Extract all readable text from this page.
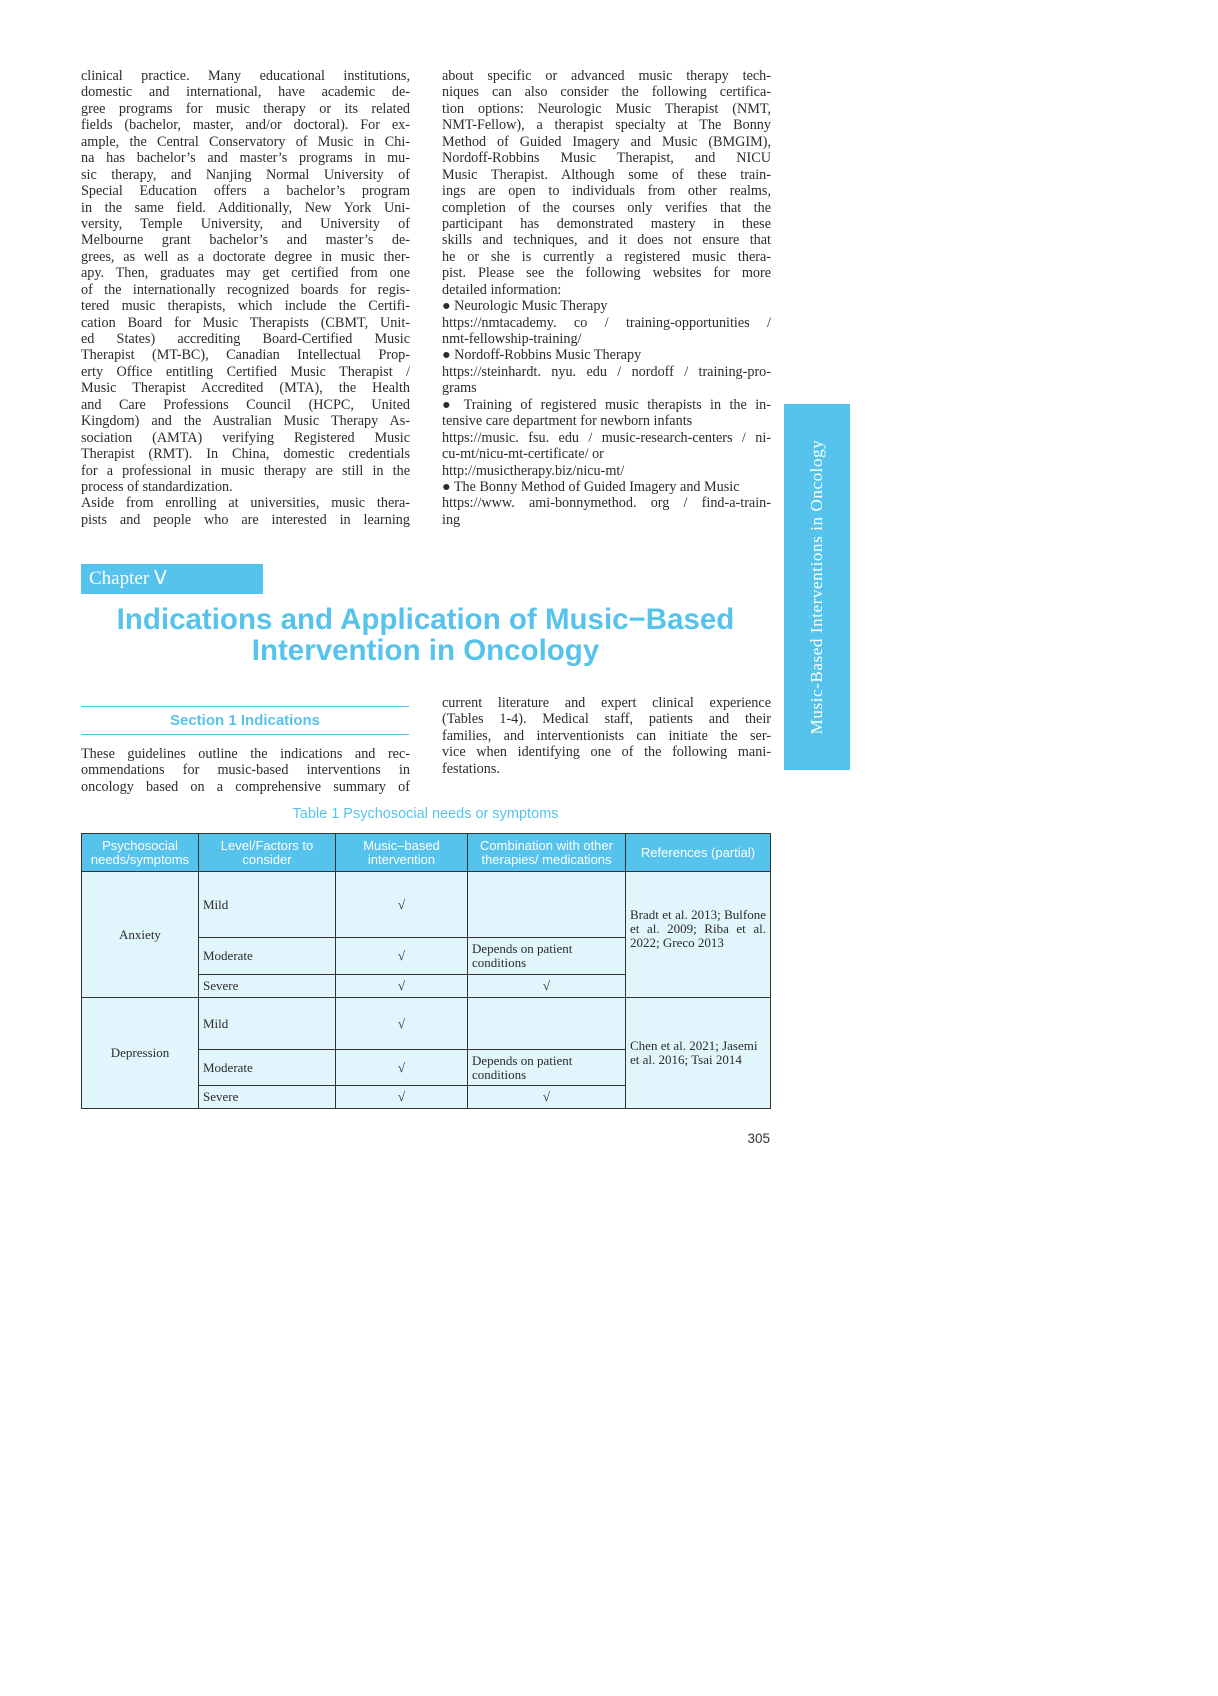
clinical practice. Many educational institutions,
domestic and international, have academic de-
gree programs for music therapy or its related
fields (bachelor, master, and/or doctoral). For ex-
ample, the Central Conservatory of Music in Chi-
na has bachelor’s and master’s programs in mu-
sic therapy, and Nanjing Normal University of
Special Education offers a bachelor’s program
in the same field. Additionally, New York Uni-
versity, Temple University, and University of
Melbourne grant bachelor’s and master’s de-
grees, as well as a doctorate degree in music ther-
apy. Then, graduates may get certified from one
of the internationally recognized boards for regis-
tered music therapists, which include the Certifi-
cation Board for Music Therapists (CBMT, Unit-
ed States) accrediting Board-Certified Music
Therapist (MT-BC), Canadian Intellectual Prop-
erty Office entitling Certified Music Therapist /
Music Therapist Accredited (MTA), the Health
and Care Professions Council (HCPC, United
Kingdom) and the Australian Music Therapy As-
sociation (AMTA) verifying Registered Music
Therapist (RMT). In China, domestic credentials
for a professional in music therapy are still in the
process of standardization.
Aside from enrolling at universities, music thera-
pists and people who are interested in learning
about specific or advanced music therapy tech-
niques can also consider the following certifica-
tion options: Neurologic Music Therapist (NMT,
NMT-Fellow), a therapist specialty at The Bonny
Method of Guided Imagery and Music (BMGIM),
Nordoff-Robbins Music Therapist, and NICU
Music Therapist. Although some of these train-
ings are open to individuals from other realms,
completion of the courses only verifies that the
participant has demonstrated mastery in these
skills and techniques, and it does not ensure that
he or she is currently a registered music thera-
pist. Please see the following websites for more
detailed information:
● Neurologic Music Therapy
https://nmtacademy. co / training-opportunities /
nmt-fellowship-training/
● Nordoff-Robbins Music Therapy
https://steinhardt. nyu. edu / nordoff / training-pro-
grams
● Training of registered music therapists in the in-
tensive care department for newborn infants
https://music. fsu. edu / music-research-centers / ni-
cu-mt/nicu-mt-certificate/ or
http://musictherapy.biz/nicu-mt/
● The Bonny Method of Guided Imagery and Music
https://www. ami-bonnymethod. org / find-a-train-
ing	Music-Based Interventions in Oncology
Chapter Ⅴ
Indications and Application of Music−Based Intervention in Oncology
Section 1 Indications
These guidelines outline the indications and rec-
ommendations for music-based interventions in
oncology based on a comprehensive summary of
current literature and expert clinical experience
(Tables 1-4). Medical staff, patients and their
families, and interventionists can initiate the ser-
vice when identifying one of the following mani-
festations.
Table 1 Psychosocial needs or symptoms
Psychosocial needs/symptoms	Level/Factors to consider	Music–based intervention	Combination with other therapies/ medications	References (partial)
Anxiety	Mild	√		Bradt et al. 2013; Bulfone et al. 2009; Riba et al. 2022; Greco 2013
	Moderate	√	Depends on patient conditions	
	Severe	√	√	
Depression	Mild	√		Chen et al. 2021; Jasemi et al. 2016; Tsai 2014
	Moderate	√	Depends on patient conditions	
	Severe	√	√	
305
